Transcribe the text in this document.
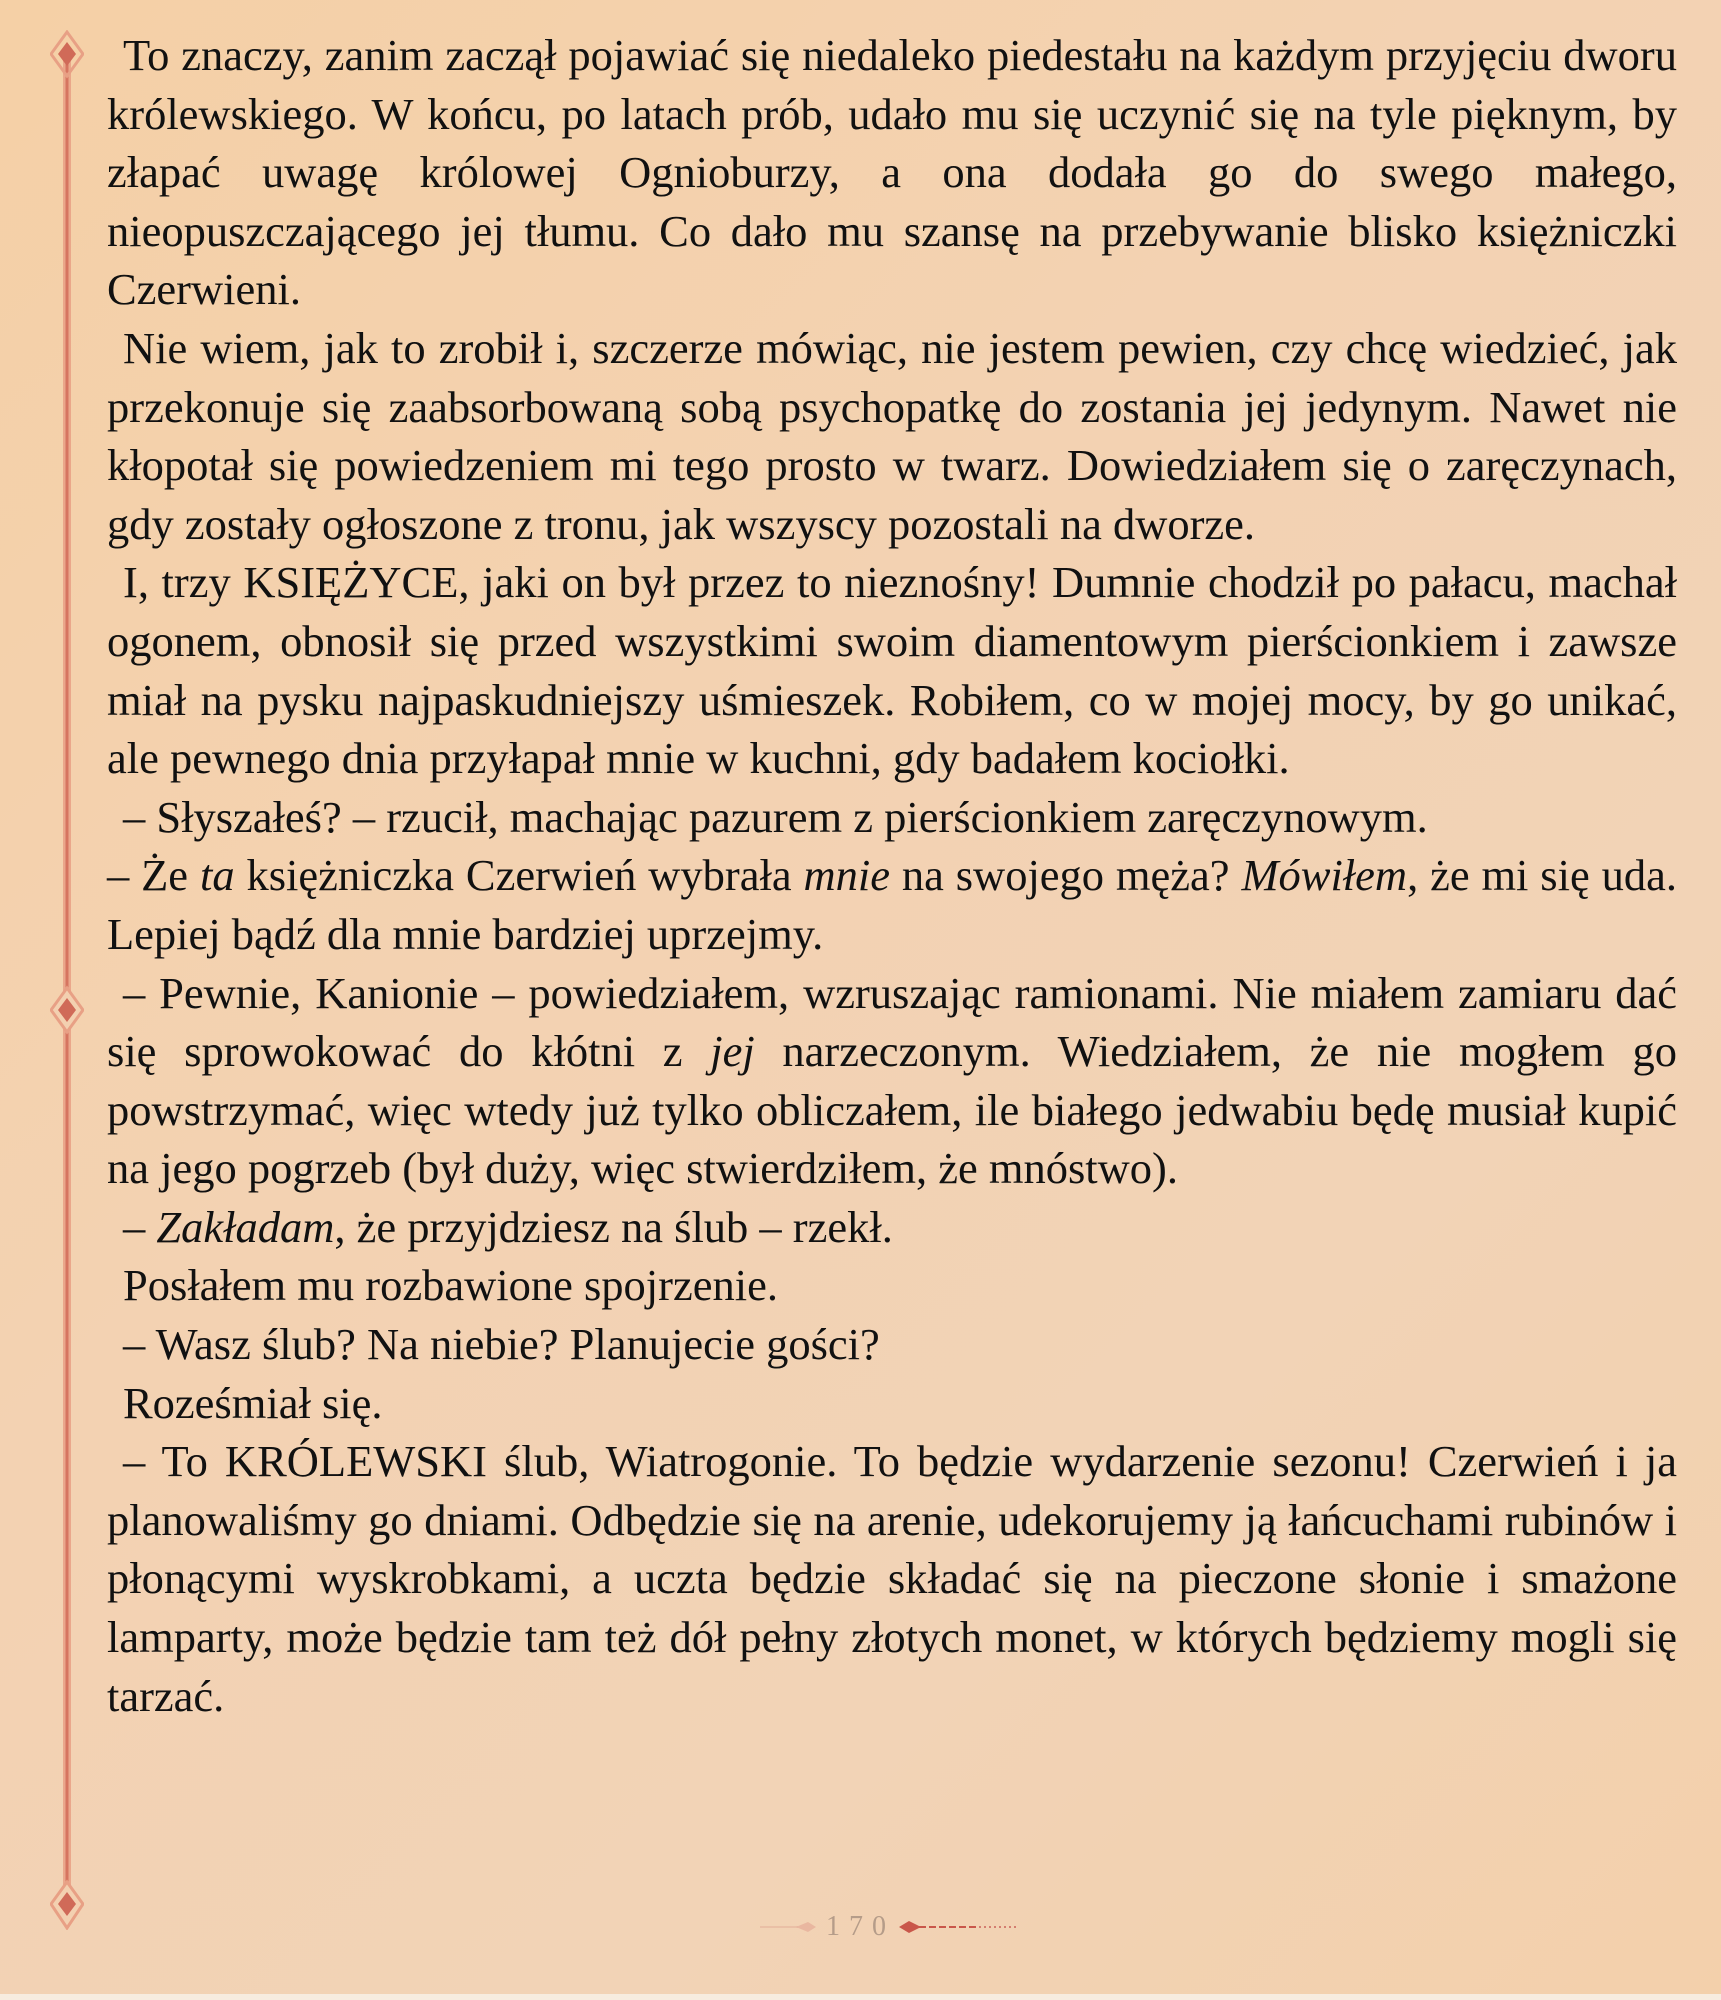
To znaczy, zanim zaczął pojawiać się niedaleko piedestału na każdym przyjęciu dworu królewskiego. W końcu, po latach prób, udało mu się uczynić się na tyle pięknym, by złapać uwagę królowej Ognioburzy, a ona dodała go do swego małego, nieopuszczającego jej tłumu. Co dało mu szansę na przebywanie blisko księżniczki Czerwieni.

Nie wiem, jak to zrobił i, szczerze mówiąc, nie jestem pewien, czy chcę wiedzieć, jak przekonuje się zaabsorbowaną sobą psychopatkę do zostania jej jedynym. Nawet nie kłopotał się powiedzeniem mi tego prosto w twarz. Dowiedziałem się o zaręczynach, gdy zostały ogłoszone z tronu, jak wszyscy pozostali na dworze.

I, trzy KSIĘŻYCE, jaki on był przez to nieznośny! Dumnie chodził po pałacu, machał ogonem, obnosił się przed wszystkimi swoim diamentowym pierścionkiem i zawsze miał na pysku najpaskudniejszy uśmieszek. Robiłem, co w mojej mocy, by go unikać, ale pewnego dnia przyłapał mnie w kuchni, gdy badałem kociołki.

– Słyszałeś? – rzucił, machając pazurem z pierścionkiem zaręczynowym.

– Że ta księżniczka Czerwień wybrała mnie na swojego męża? Mówiłem, że mi się uda. Lepiej bądź dla mnie bardziej uprzejmy.

– Pewnie, Kanionie – powiedziałem, wzruszając ramionami. Nie miałem zamiaru dać się sprowokować do kłótni z jej narzeczonym. Wiedziałem, że nie mogłem go powstrzymać, więc wtedy już tylko obliczałem, ile białego jedwabiu będę musiał kupić na jego pogrzeb (był duży, więc stwierdziłem, że mnóstwo).

– Zakładam, że przyjdziesz na ślub – rzekł.

Posłałem mu rozbawione spojrzenie.

– Wasz ślub? Na niebie? Planujecie gości?

Roześmiał się.

– To KRÓLEWSKI ślub, Wiatrogonie. To będzie wydarzenie sezonu! Czerwień i ja planowaliśmy go dniami. Odbędzie się na arenie, udekorujemy ją łańcuchami rubinów i płonącymi wyskrobkami, a uczta będzie składać się na pieczone słonie i smażone lamparty, może będzie tam też dół pełny złotych monet, w których będziemy mogli się tarzać.

170
